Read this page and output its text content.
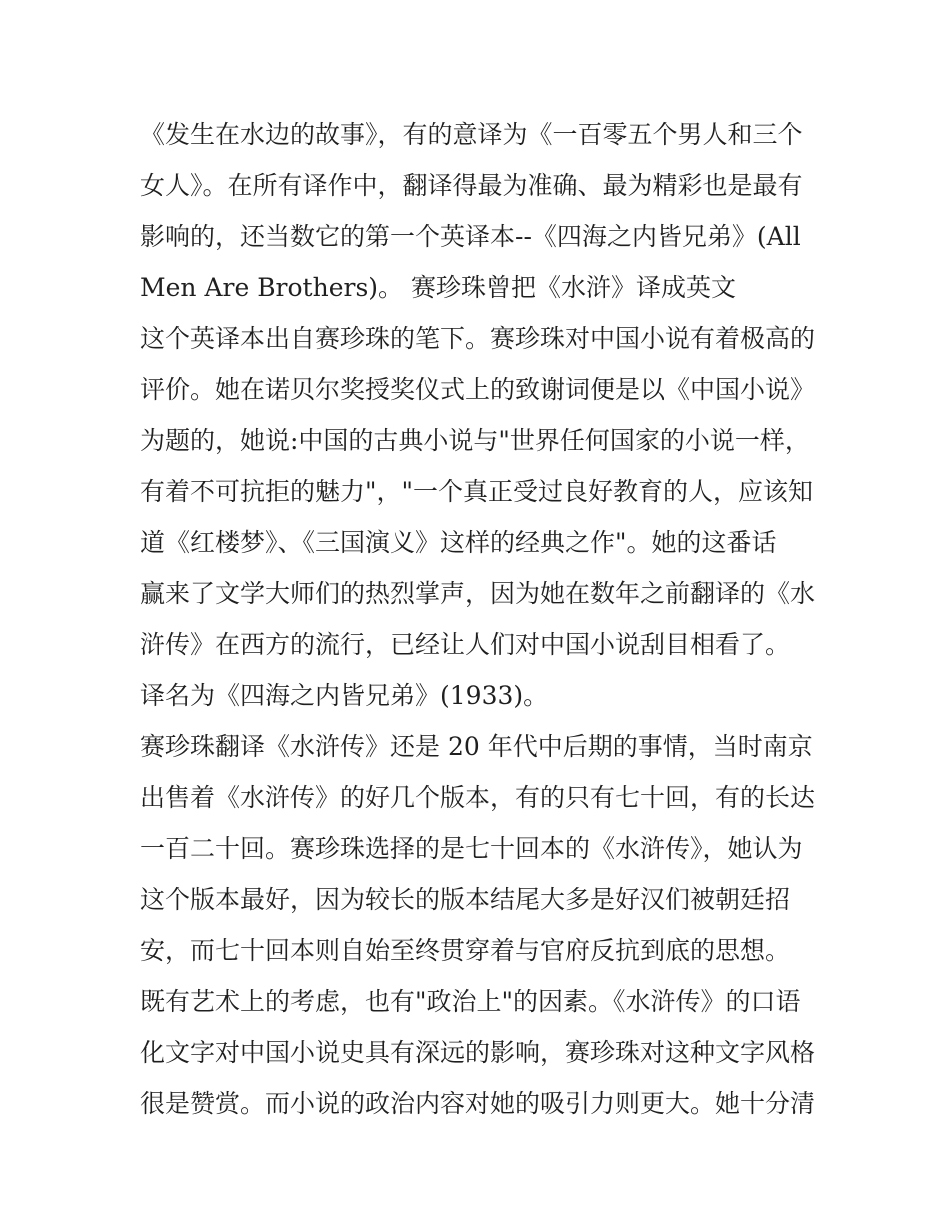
《发生在水边的故事》，有的意译为《一百零五个男人和三个
女人》。在所有译作中，翻译得最为准确、最为精彩也是最有
影响的，还当数它的第一个英译本--《四海之内皆兄弟》(All
Men Are Brothers)。 赛珍珠曾把《水浒》译成英文
这个英译本出自赛珍珠的笔下。赛珍珠对中国小说有着极高的
评价。她在诺贝尔奖授奖仪式上的致谢词便是以《中国小说》
为题的，她说:中国的古典小说与"世界任何国家的小说一样，
有着不可抗拒的魅力"，"一个真正受过良好教育的人，应该知
道《红楼梦》、《三国演义》这样的经典之作"。她的这番话
赢来了文学大师们的热烈掌声，因为她在数年之前翻译的《水
浒传》在西方的流行，已经让人们对中国小说刮目相看了。
译名为《四海之内皆兄弟》(1933)。
赛珍珠翻译《水浒传》还是 20 年代中后期的事情，当时南京
出售着《水浒传》的好几个版本，有的只有七十回，有的长达
一百二十回。赛珍珠选择的是七十回本的《水浒传》，她认为
这个版本最好，因为较长的版本结尾大多是好汉们被朝廷招
安，而七十回本则自始至终贯穿着与官府反抗到底的思想。
既有艺术上的考虑，也有"政治上"的因素。《水浒传》的口语
化文字对中国小说史具有深远的影响，赛珍珠对这种文字风格
很是赞赏。而小说的政治内容对她的吸引力则更大。她十分清
